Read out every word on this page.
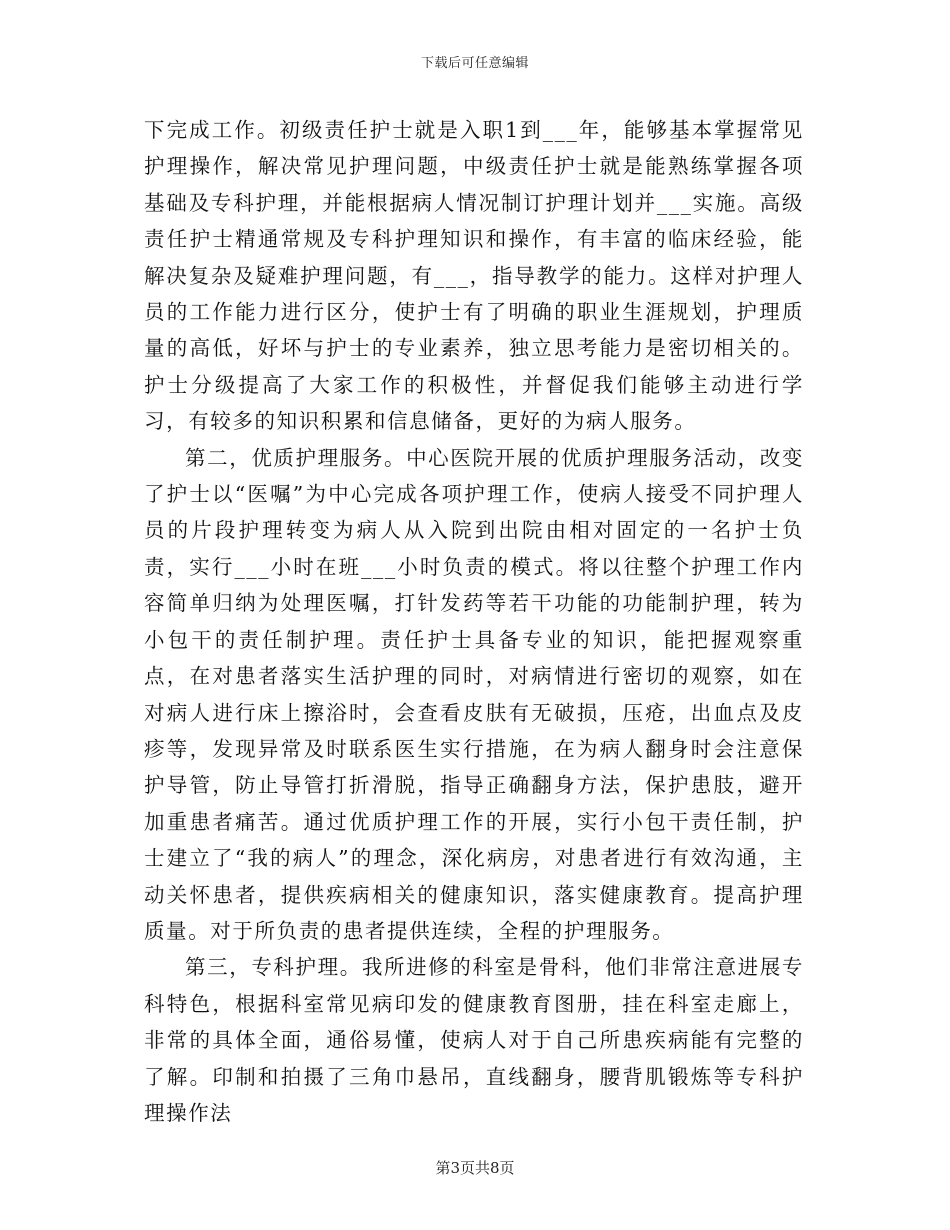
下载后可任意编辑

下完成工作。初级责任护士就是入职1到___年，能够基本掌握常见护理操作，解决常见护理问题，中级责任护士就是能熟练掌握各项基础及专科护理，并能根据病人情况制订护理计划并___实施。高级责任护士精通常规及专科护理知识和操作，有丰富的临床经验，能解决复杂及疑难护理问题，有___，指导教学的能力。这样对护理人员的工作能力进行区分，使护士有了明确的职业生涯规划，护理质量的高低，好坏与护士的专业素养，独立思考能力是密切相关的。护士分级提高了大家工作的积极性，并督促我们能够主动进行学习，有较多的知识积累和信息储备，更好的为病人服务。

第二，优质护理服务。中心医院开展的优质护理服务活动，改变了护士以“医嘱”为中心完成各项护理工作，使病人接受不同护理人员的片段护理转变为病人从入院到出院由相对固定的一名护士负责，实行___小时在班___小时负责的模式。将以往整个护理工作内容简单归纳为处理医嘱，打针发药等若干功能的功能制护理，转为小包干的责任制护理。责任护士具备专业的知识，能把握观察重点，在对患者落实生活护理的同时，对病情进行密切的观察，如在对病人进行床上擦浴时，会查看皮肤有无破损，压疮，出血点及皮疹等，发现异常及时联系医生实行措施，在为病人翻身时会注意保护导管，防止导管打折滑脱，指导正确翻身方法，保护患肢，避开加重患者痛苦。通过优质护理工作的开展，实行小包干责任制，护士建立了“我的病人”的理念，深化病房，对患者进行有效沟通，主动关怀患者，提供疾病相关的健康知识，落实健康教育。提高护理质量。对于所负责的患者提供连续，全程的护理服务。

第三，专科护理。我所进修的科室是骨科，他们非常注意进展专科特色，根据科室常见病印发的健康教育图册，挂在科室走廊上，非常的具体全面，通俗易懂，使病人对于自己所患疾病能有完整的了解。印制和拍摄了三角巾悬吊，直线翻身，腰背肌锻炼等专科护理操作法

第3页共8页
